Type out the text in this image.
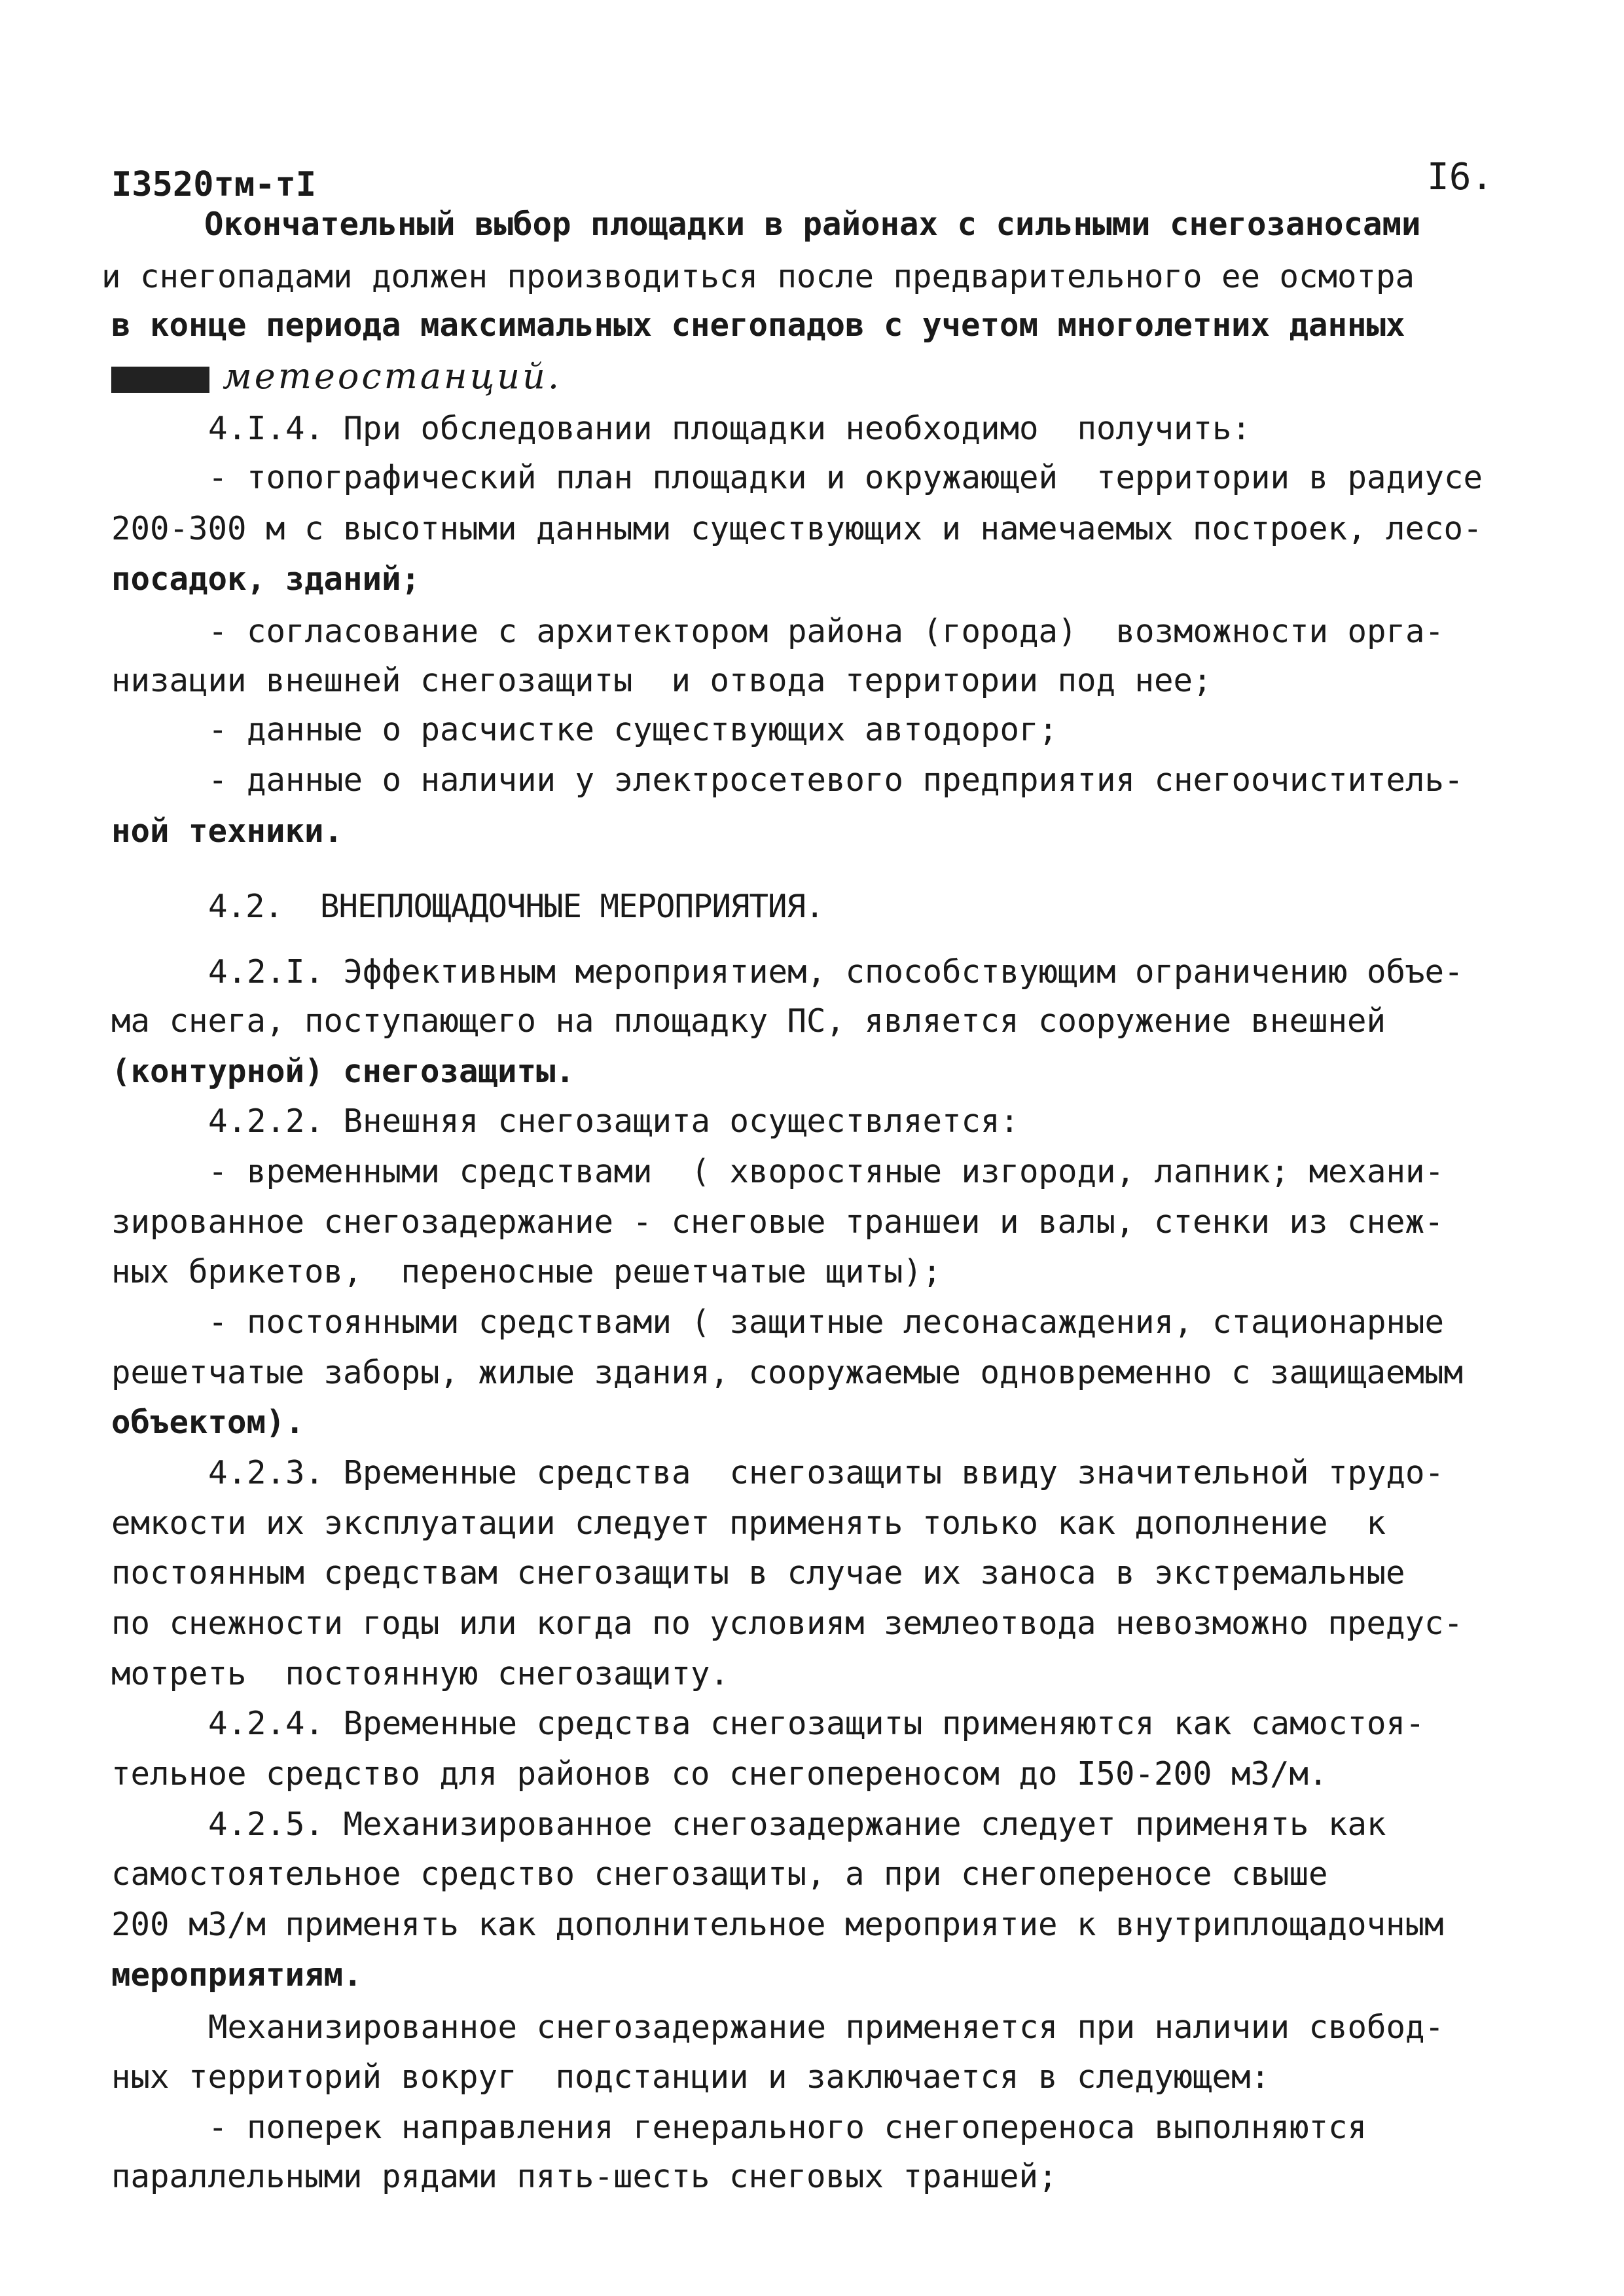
I3520тм-тI	I6.
Окончательный выбор площадки в районах с сильными снегозаносами
и снегопадами должен производиться после предварительного ее осмотра
в конце периода максимальных снегопадов с учетом многолетних данных
метеостанций.
4.I.4. При обследовании площадки необходимо  получить:
- топографический план площадки и окружающей  территории в радиусе
200-300 м с высотными данными существующих и намечаемых построек, лесо-
посадок, зданий;
- согласование с архитектором района (города)  возможности орга-
низации внешней снегозащиты  и отвода территории под нее;
- данные о расчистке существующих автодорог;
- данные о наличии у электросетевого предприятия снегоочиститель-
ной техники.
4.2.  ВНЕПЛОЩАДОЧНЫЕ МЕРОПРИЯТИЯ.
4.2.I. Эффективным мероприятием, способствующим ограничению объе-
ма снега, поступающего на площадку ПС, является сооружение внешней
(контурной) снегозащиты.
4.2.2. Внешняя снегозащита осуществляется:
- временными средствами  ( хворостяные изгороди, лапник; механи-
зированное снегозадержание - снеговые траншеи и валы, стенки из снеж-
ных брикетов,  переносные решетчатые щиты);
- постоянными средствами ( защитные лесонасаждения, стационарные
решетчатые заборы, жилые здания, сооружаемые одновременно с защищаемым
объектом).
4.2.3. Временные средства  снегозащиты ввиду значительной трудо-
емкости их эксплуатации следует применять только как дополнение  к
постоянным средствам снегозащиты в случае их заноса в экстремальные
по снежности годы или когда по условиям землеотвода невозможно предус-
мотреть  постоянную снегозащиту.
4.2.4. Временные средства снегозащиты применяются как самостоя-
тельное средство для районов со снегопереносом до I50-200 м3/м.
4.2.5. Механизированное снегозадержание следует применять как
самостоятельное средство снегозащиты, а при снегопереносе свыше
200 м3/м применять как дополнительное мероприятие к внутриплощадочным
мероприятиям.
Механизированное снегозадержание применяется при наличии свобод-
ных территорий вокруг  подстанции и заключается в следующем:
- поперек направления генерального снегопереноса выполняются
параллельными рядами пять-шесть снеговых траншей;
